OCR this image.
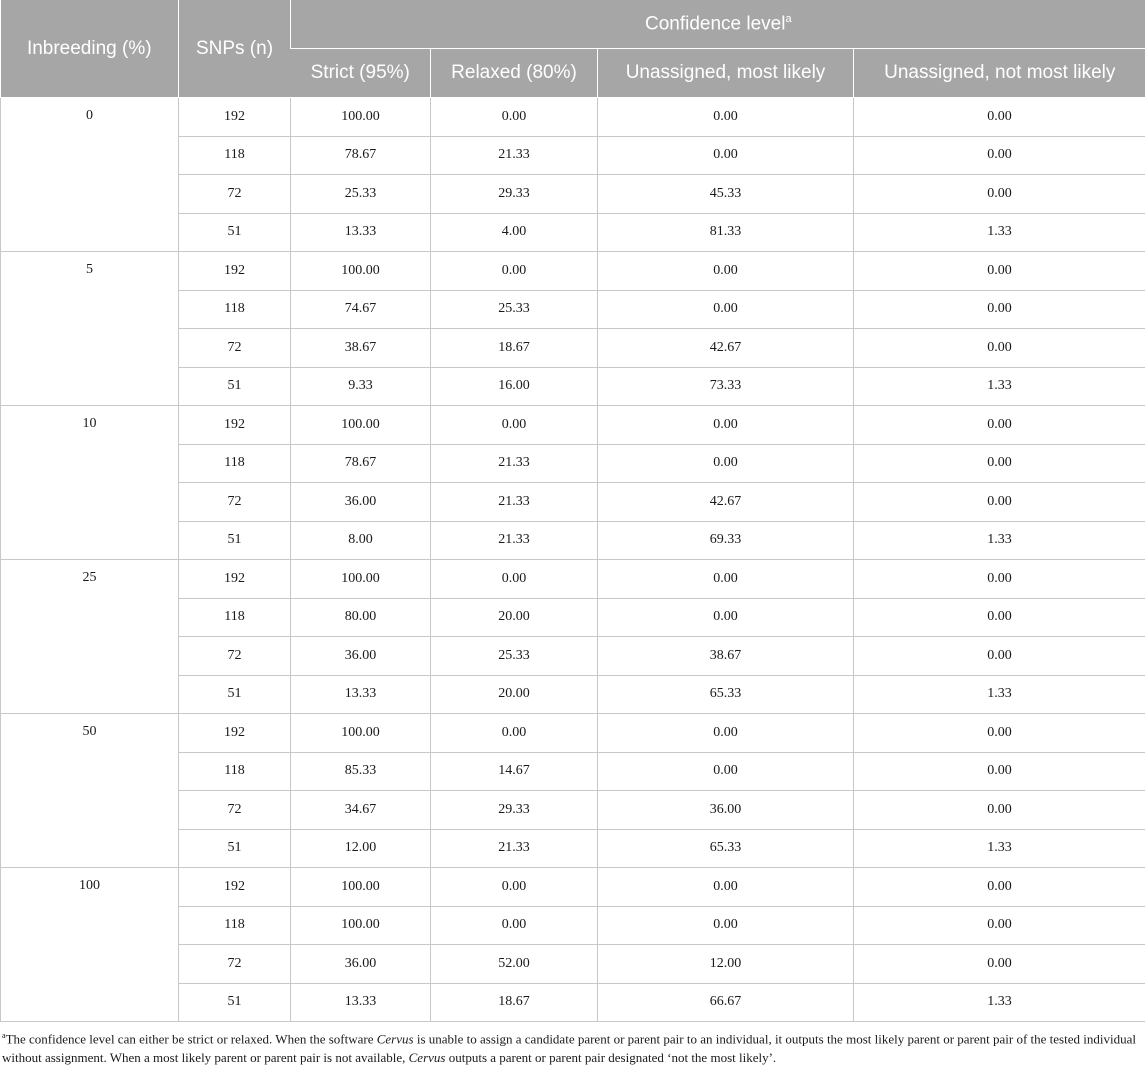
Inbreeding (%)	SNPs (n)	Confidence level$^a$
		Strict (95%)	Relaxed (80%)	Unassigned, most likely	Unassigned, not most likely
0	192	100.00	0.00	0.00	0.00
	118	78.67	21.33	0.00	0.00
	72	25.33	29.33	45.33	0.00
	51	13.33	4.00	81.33	1.33
5	192	100.00	0.00	0.00	0.00
	118	74.67	25.33	0.00	0.00
	72	38.67	18.67	42.67	0.00
	51	9.33	16.00	73.33	1.33
10	192	100.00	0.00	0.00	0.00
	118	78.67	21.33	0.00	0.00
	72	36.00	21.33	42.67	0.00
	51	8.00	21.33	69.33	1.33
25	192	100.00	0.00	0.00	0.00
	118	80.00	20.00	0.00	0.00
	72	36.00	25.33	38.67	0.00
	51	13.33	20.00	65.33	1.33
50	192	100.00	0.00	0.00	0.00
	118	85.33	14.67	0.00	0.00
	72	34.67	29.33	36.00	0.00
	51	12.00	21.33	65.33	1.33
100	192	100.00	0.00	0.00	0.00
	118	100.00	0.00	0.00	0.00
	72	36.00	52.00	12.00	0.00
	51	13.33	18.67	66.67	1.33
$^a$The confidence level can either be strict or relaxed. When the software Cervus is unable to assign a candidate parent or parent pair to an individual, it outputs the most likely parent or parent pair of the tested individual without assignment. When a most likely parent or parent pair is not available, Cervus outputs a parent or parent pair designated ‘not the most likely’.
